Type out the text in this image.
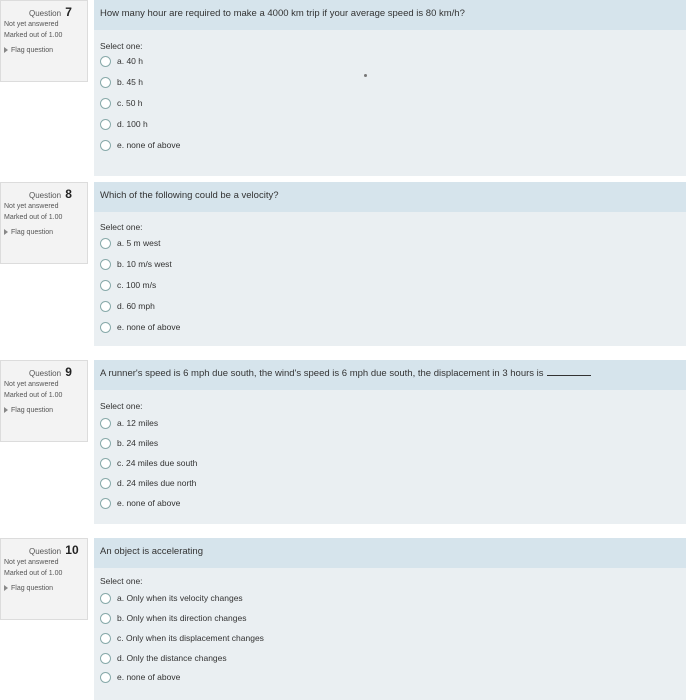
Question 7
Not yet answered
Marked out of 1.00
Flag question
How many hour are required to make a 4000 km trip if your average speed is 80 km/h?
Select one:
a. 40 h
b. 45 h
c. 50 h
d. 100 h
e. none of above
Question 8
Not yet answered
Marked out of 1.00
Flag question
Which of the following could be a velocity?
Select one:
a. 5 m west
b. 10 m/s west
c. 100 m/s
d. 60 mph
e. none of above
Question 9
Not yet answered
Marked out of 1.00
Flag question
A runner's speed is 6 mph due south, the wind's speed is 6 mph due south, the displacement in 3 hours is
Select one:
a. 12 miles
b. 24 miles
c. 24 miles due south
d. 24 miles due north
e. none of above
Question 10
Not yet answered
Marked out of 1.00
Flag question
An object is accelerating
Select one:
a. Only when its velocity changes
b. Only when its direction changes
c. Only when its displacement changes
d. Only the distance changes
e. none of above
